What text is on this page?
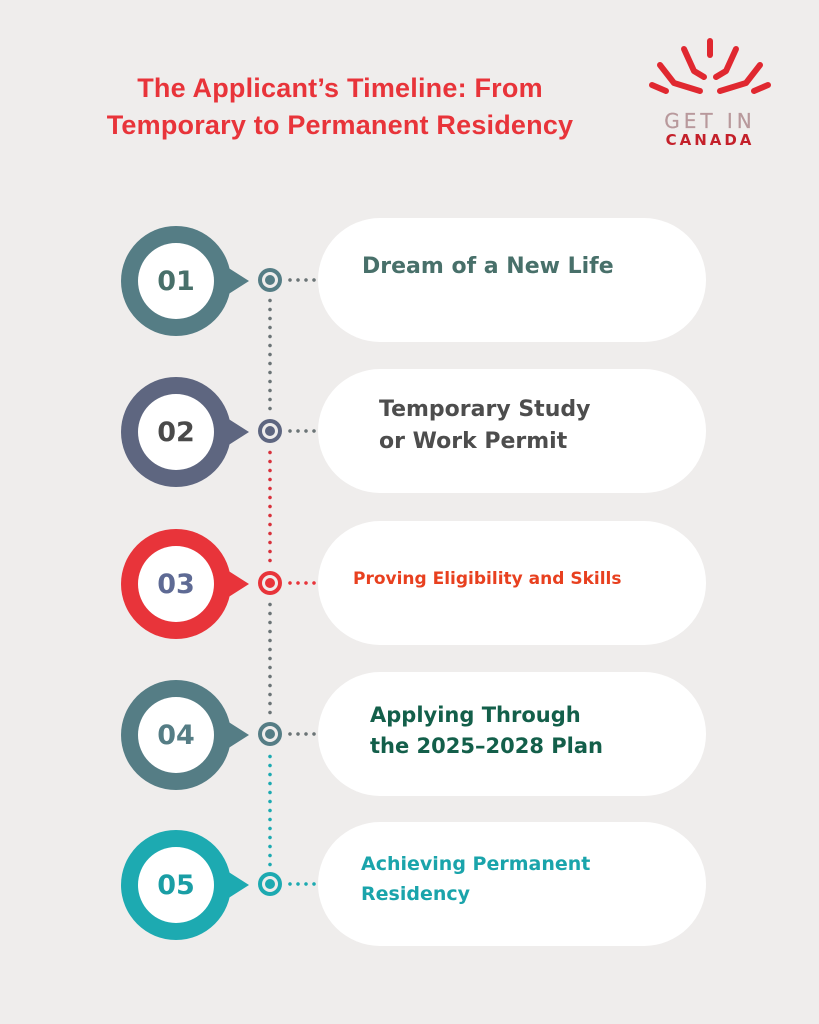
The Applicant’s Timeline: From
Temporary to Permanent Residency	GET IN
CANADA
01	Dream of a New Life
02
Temporary Study
or Work Permit
03	Proving Eligibility and Skills
04
Applying Through
the 2025–2028 Plan
05
Achieving Permanent
Residency
